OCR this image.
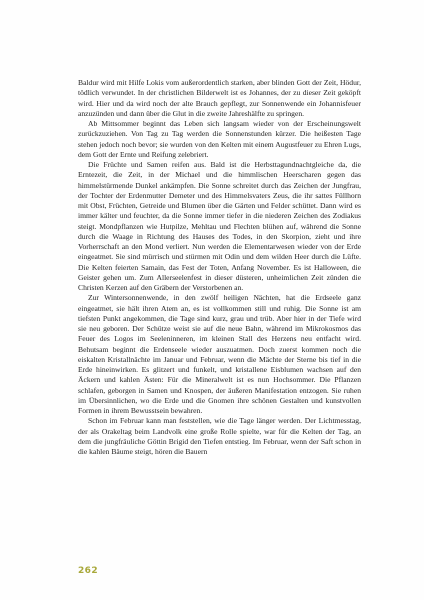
Baldur wird mit Hilfe Lokis vom außerordentlich starken, aber blinden Gott der Zeit, Hödur, tödlich verwundet. In der christlichen Bilderwelt ist es Johannes, der zu dieser Zeit geköpft wird. Hier und da wird noch der alte Brauch gepflegt, zur Sonnenwende ein Johannisfeuer anzuzünden und dann über die Glut in die zweite Jahreshälfte zu springen.

Ab Mittsommer beginnt das Leben sich langsam wieder von der Erscheinungswelt zurückzuziehen. Von Tag zu Tag werden die Sonnenstunden kürzer. Die heißesten Tage stehen jedoch noch bevor; sie wurden von den Kelten mit einem Augustfeuer zu Ehren Lugs, dem Gott der Ernte und Reifung zelebriert.

Die Früchte und Samen reifen aus. Bald ist die Herbsttagundnachtgleiche da, die Erntezeit, die Zeit, in der Michael und die himmlischen Heerscharen gegen das himmelstürmende Dunkel ankämpfen. Die Sonne schreitet durch das Zeichen der Jungfrau, der Tochter der Erdenmutter Demeter und des Himmelsvaters Zeus, die ihr sattes Füllhorn mit Obst, Früchten, Getreide und Blumen über die Gärten und Felder schüttet. Dann wird es immer kälter und feuchter, da die Sonne immer tiefer in die niederen Zeichen des Zodiakus steigt. Mondpflanzen wie Hutpilze, Mehltau und Flechten blühen auf, während die Sonne durch die Waage in Richtung des Hauses des Todes, in den Skorpion, zieht und ihre Vorherrschaft an den Mond verliert. Nun werden die Elementarwesen wieder von der Erde eingeatmet. Sie sind mürrisch und stürmen mit Odin und dem wilden Heer durch die Lüfte. Die Kelten feierten Samain, das Fest der Toten, Anfang November. Es ist Halloween, die Geister gehen um. Zum Allerseelenfest in dieser düsteren, unheimlichen Zeit zünden die Christen Kerzen auf den Gräbern der Verstorbenen an.

Zur Wintersonnenwende, in den zwölf heiligen Nächten, hat die Erdseele ganz eingeatmet, sie hält ihren Atem an, es ist vollkommen still und ruhig. Die Sonne ist am tiefsten Punkt angekommen, die Tage sind kurz, grau und trüb. Aber hier in der Tiefe wird sie neu geboren. Der Schütze weist sie auf die neue Bahn, während im Mikrokosmos das Feuer des Logos im Seeleninneren, im kleinen Stall des Herzens neu entfacht wird. Behutsam beginnt die Erdenseele wieder auszuatmen. Doch zuerst kommen noch die eiskalten Kristallnächte im Januar und Februar, wenn die Mächte der Sterne bis tief in die Erde hineinwirken. Es glitzert und funkelt, und kristallene Eisblumen wachsen auf den Äckern und kahlen Ästen: Für die Mineralwelt ist es nun Hochsommer. Die Pflanzen schlafen, geborgen in Samen und Knospen, der äußeren Manifestation entzogen. Sie ruhen im Übersinnlichen, wo die Erde und die Gnomen ihre schönen Gestalten und kunstvollen Formen in ihrem Bewusstsein bewahren.

Schon im Februar kann man feststellen, wie die Tage länger werden. Der Lichtmesstag, der als Orakeltag beim Landvolk eine große Rolle spielte, war für die Kelten der Tag, an dem die jungfräuliche Göttin Brigid den Tiefen entstieg. Im Februar, wenn der Saft schon in die kahlen Bäume steigt, hören die Bauern

262
